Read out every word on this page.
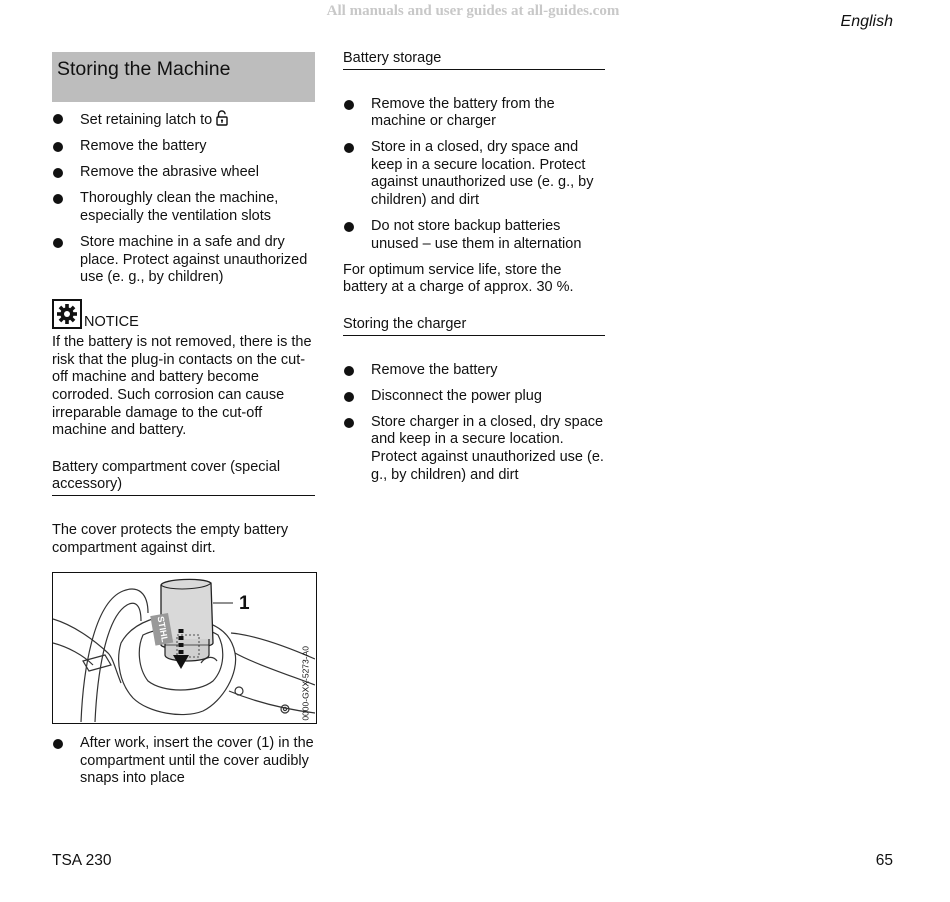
All manuals and user guides at all-guides.com
English
Storing the Machine
Set retaining latch to
Remove the battery
Remove the abrasive wheel
Thoroughly clean the machine, especially the ventilation slots
Store machine in a safe and dry place. Protect against unauthorized use (e. g., by children)
NOTICE
If the battery is not removed, there is the risk that the plug-in contacts on the cut-off machine and battery become corroded. Such corrosion can cause irreparable damage to the cut-off machine and battery.
Battery compartment cover (special accessory)
The cover protects the empty battery compartment against dirt.
STIHL
1
0000-GXX-5273-A0
After work, insert the cover (1) in the compartment until the cover audibly snaps into place
Battery storage
Remove the battery from the machine or charger
Store in a closed, dry space and keep in a secure location. Protect against unauthorized use (e. g., by children) and dirt
Do not store backup batteries unused – use them in alternation
For optimum service life, store the battery at a charge of approx. 30 %.
Storing the charger
Remove the battery
Disconnect the power plug
Store charger in a closed, dry space and keep in a secure location. Protect against unauthorized use (e. g., by children) and dirt
TSA 230	65
